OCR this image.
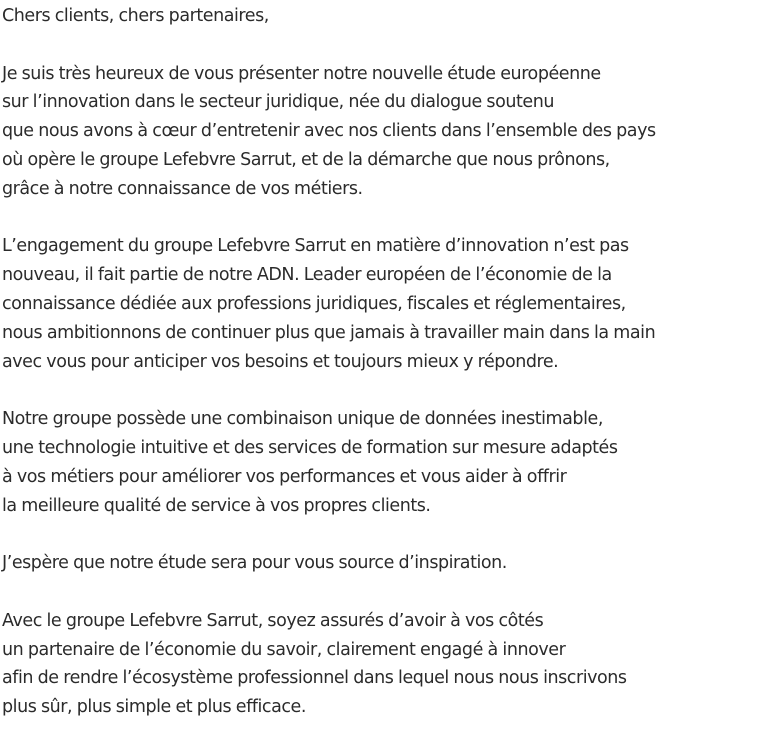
Chers clients, chers partenaires,

Je suis très heureux de vous présenter notre nouvelle étude européenne
sur l’innovation dans le secteur juridique, née du dialogue soutenu
que nous avons à cœur d’entretenir avec nos clients dans l’ensemble des pays
où opère le groupe Lefebvre Sarrut, et de la démarche que nous prônons,
grâce à notre connaissance de vos métiers.

L’engagement du groupe Lefebvre Sarrut en matière d’innovation n’est pas
nouveau, il fait partie de notre ADN. Leader européen de l’économie de la
connaissance dédiée aux professions juridiques, fiscales et réglementaires,
nous ambitionnons de continuer plus que jamais à travailler main dans la main
avec vous pour anticiper vos besoins et toujours mieux y répondre.

Notre groupe possède une combinaison unique de données inestimable,
une technologie intuitive et des services de formation sur mesure adaptés
à vos métiers pour améliorer vos performances et vous aider à offrir
la meilleure qualité de service à vos propres clients.

J’espère que notre étude sera pour vous source d’inspiration.

Avec le groupe Lefebvre Sarrut, soyez assurés d’avoir à vos côtés
un partenaire de l’économie du savoir, clairement engagé à innover
afin de rendre l’écosystème professionnel dans lequel nous nous inscrivons
plus sûr, plus simple et plus efficace.
